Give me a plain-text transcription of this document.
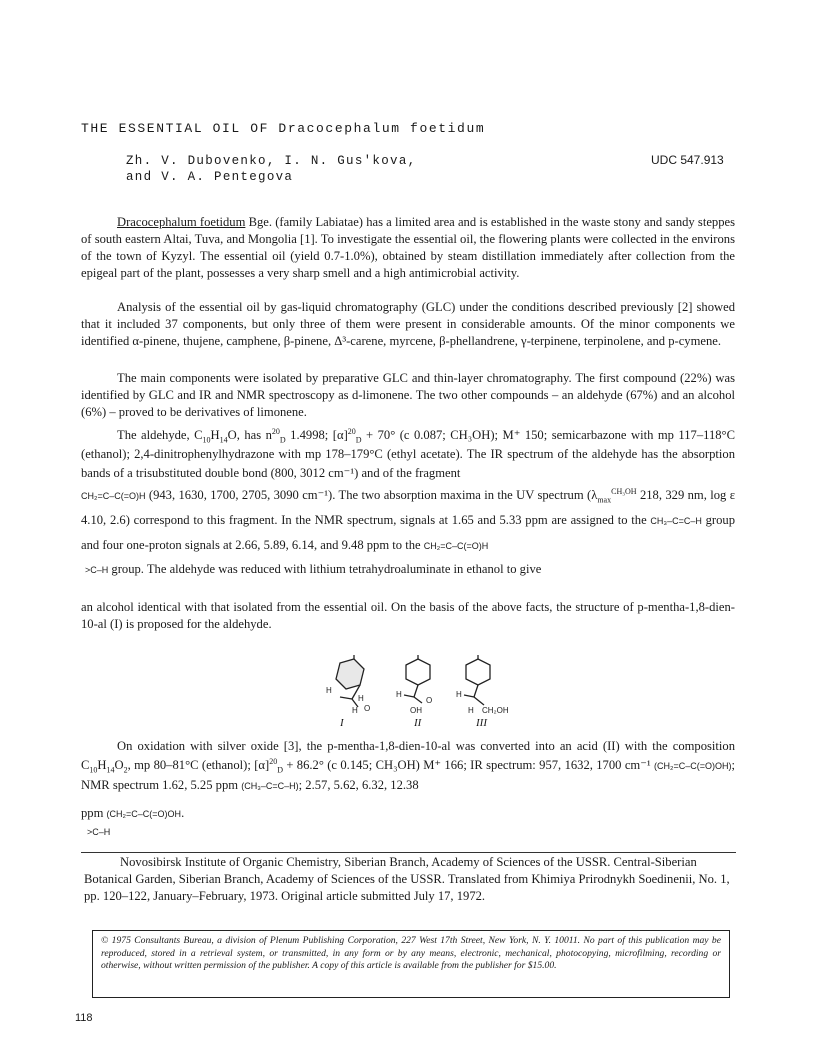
THE ESSENTIAL OIL OF Dracocephalum foetidum
Zh. V. Dubovenko, I. N. Gus'kova,
and V. A. Pentegova
UDC 547.913

Dracocephalum foetidum Bge. (family Labiatae) has a limited area and is established in the waste stony and sandy steppes of south eastern Altai, Tuva, and Mongolia [1]. To investigate the essential oil, the flowering plants were collected in the environs of the town of Kyzyl. The essential oil (yield 0.7-1.0%), obtained by steam distillation immediately after collection from the epigeal part of the plant, possesses a very sharp smell and a high antimicrobial activity.

Analysis of the essential oil by gas-liquid chromatography (GLC) under the conditions described previously [2] showed that it included 37 components, but only three of them were present in considerable amounts. Of the minor components we identified α-pinene, thujene, camphene, β-pinene, Δ³-carene, myrcene, β-phellandrene, γ-terpinene, terpinolene, and p-cymene.

The main components were isolated by preparative GLC and thin-layer chromatography. The first compound (22%) was identified by GLC and IR and NMR spectroscopy as d-limonene. The two other compounds – an aldehyde (67%) and an alcohol (6%) – proved to be derivatives of limonene.

The aldehyde, $C_{10}H_{14}O$, has $n^{20}_D$ 1.4998; $[\alpha]^{20}_D + 70^\circ$ (c 0.087; CH₃OH); M⁺ 150; semicarbazone with mp 117–118°C (ethanol); 2,4-dinitrophenylhydrazone with mp 178–179°C (ethyl acetate). The IR spectrum of the aldehyde has the absorption bands of a trisubstituted double bond (800, 3012 cm⁻¹) and of the fragment

CH₂=C–C(=O)H (943, 1630, 1700, 2705, 3090 cm⁻¹). The two absorption maxima in the UV spectrum ($\lambda_{max}^{CH_3OH}$ 218, 329 nm, log ε 4.10, 2.6) correspond to this fragment. In the NMR spectrum, signals at 1.65 and 5.33 ppm are assigned to the CH₃–C=C–H group and four one-proton signals at 2.66, 5.89, 6.14, and 9.48 ppm to the CH₂=C–C(=O)H

>C–H group. The aldehyde was reduced with lithium tetrahydroaluminate in ethanol to give

an alcohol identical with that isolated from the essential oil. On the basis of the above facts, the structure of p-mentha-1,8-dien-10-al (I) is proposed for the aldehyde.

H
H
H O
H
O
OH
H
H CH₂OH
I	II	III

On oxidation with silver oxide [3], the p-mentha-1,8-dien-10-al was converted into an acid (II) with the composition $C_{10}H_{14}O_2$, mp 80–81°C (ethanol); $[\alpha]^{20}_D + 86.2^\circ$ (c 0.145; CH₃OH) M⁺ 166; IR spectrum: 957, 1632, 1700 cm⁻¹ (CH₂=C–C(=O)OH); NMR spectrum 1.62, 5.25 ppm (CH₃–C=C–H); 2.57, 5.62, 6.32, 12.38

ppm (CH₂=C–C(=O)OH.

>C–H

Novosibirsk Institute of Organic Chemistry, Siberian Branch, Academy of Sciences of the USSR. Central-Siberian Botanical Garden, Siberian Branch, Academy of Sciences of the USSR. Translated from Khimiya Prirodnykh Soedinenii, No. 1, pp. 120–122, January–February, 1973. Original article submitted July 17, 1972.

© 1975 Consultants Bureau, a division of Plenum Publishing Corporation, 227 West 17th Street, New York, N. Y. 10011. No part of this publication may be reproduced, stored in a retrieval system, or transmitted, in any form or by any means, electronic, mechanical, photocopying, microfilming, recording or otherwise, without written permission of the publisher. A copy of this article is available from the publisher for $15.00.
118
